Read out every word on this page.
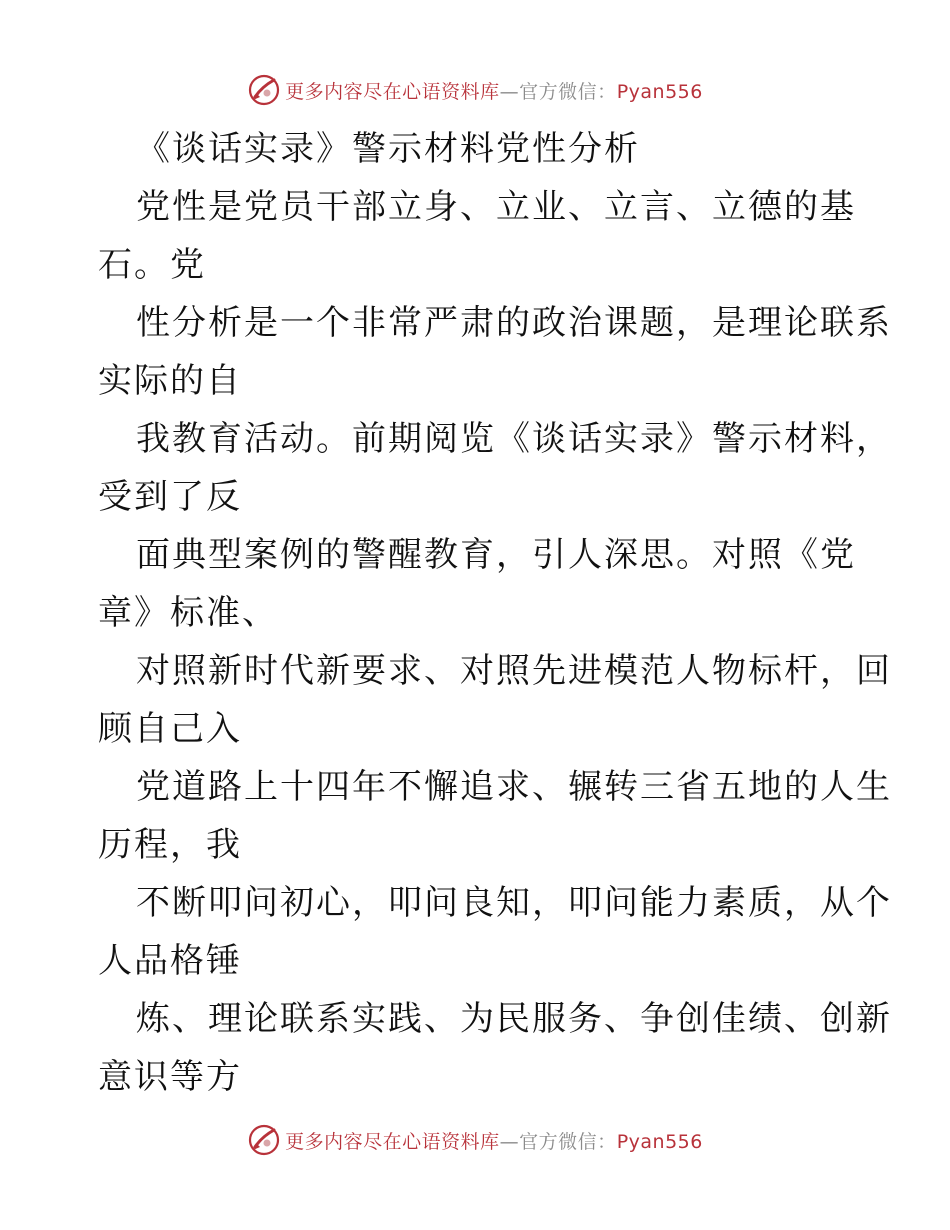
更多内容尽在心语资料库—官方微信：Pyan556
《谈话实录》警示材料党性分析
党性是党员干部立身、立业、立言、立德的基
石。党
性分析是一个非常严肃的政治课题，是理论联系
实际的自
我教育活动。前期阅览《谈话实录》警示材料，
受到了反
面典型案例的警醒教育，引人深思。对照《党
章》标准、
对照新时代新要求、对照先进模范人物标杆，回
顾自己入
党道路上十四年不懈追求、辗转三省五地的人生
历程，我
不断叩问初心，叩问良知，叩问能力素质，从个
人品格锤
炼、理论联系实践、为民服务、争创佳绩、创新
意识等方
更多内容尽在心语资料库—官方微信：Pyan556
